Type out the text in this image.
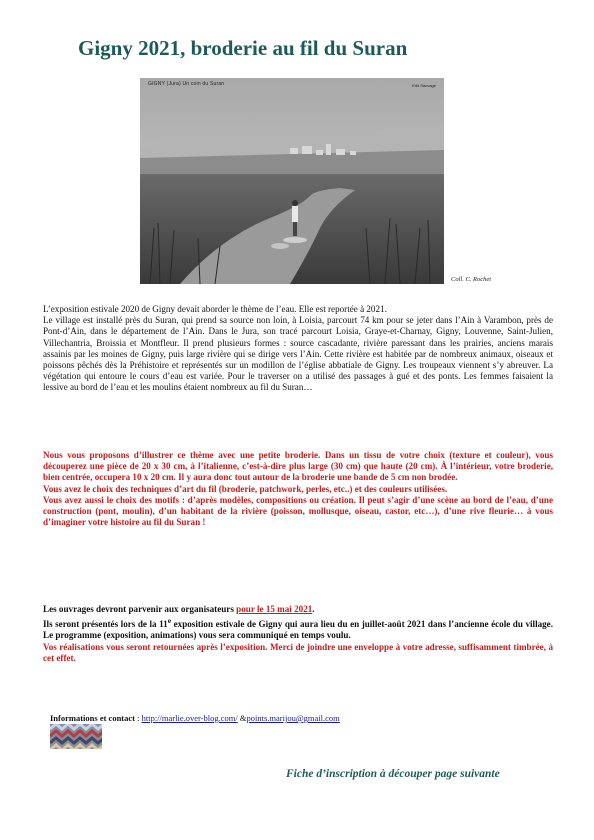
Gigny 2021, broderie au fil du Suran
GIGNY (Jura) Un coin du Suran	Edit Sauvage
Coll. C. Rochet

L’exposition estivale 2020 de Gigny devait aborder le thème de l’eau. Elle est reportée à 2021.

Le village est installé près du Suran, qui prend sa source non loin, à Loisia, parcourt 74 km pour se jeter dans l’Ain à Varambon, près de Pont-d’Ain, dans le département de l’Ain. Dans le Jura, son tracé parcourt Loisia, Graye-et-Charnay, Gigny, Louvenne, Saint-Julien, Villechantria, Broissia et Montfleur. Il prend plusieurs formes : source cascadante, rivière paressant dans les prairies, anciens marais assainis par les moines de Gigny, puis large rivière qui se dirige vers l’Ain. Cette rivière est habitée par de nombreux animaux, oiseaux et poissons pêchés dès la Préhistoire et représentés sur un modillon de l’église abbatiale de Gigny. Les troupeaux viennent s’y abreuver. La végétation qui entoure le cours d’eau est variée. Pour le traverser on a utilisé des passages à gué et des ponts. Les femmes faisaient la lessive au bord de l’eau et les moulins étaient nombreux au fil du Suran…

Nous vous proposons d’illustrer ce thème avec une petite broderie. Dans un tissu de votre choix (texture et couleur), vous découperez une pièce de 20 x 30 cm, à l’italienne, c’est-à-dire plus large (30 cm) que haute (20 cm). À l’intérieur, votre broderie, bien centrée, occupera 10 x 20 cm. Il y aura donc tout autour de la broderie une bande de 5 cm non brodée.

Vous avez le choix des techniques d’art du fil (broderie, patchwork, perles, etc..) et des couleurs utilisées.

Vous avez aussi le choix des motifs : d’après modèles, compositions ou création. Il peut s’agir d’une scène au bord de l’eau, d’une construction (pont, moulin), d’un habitant de la rivière (poisson, mollusque, oiseau, castor, etc…), d’une rive fleurie… à vous d’imaginer votre histoire au fil du Suran !

Les ouvrages devront parvenir aux organisateurs pour le 15 mai 2021.

Ils seront présentés lors de la 11e exposition estivale de Gigny qui aura lieu du en juillet-août 2021 dans l’ancienne école du village. Le programme (exposition, animations) vous sera communiqué en temps voulu.

Vos réalisations vous seront retournées après l’exposition. Merci de joindre une enveloppe à votre adresse, suffisamment timbrée, à cet effet.

Informations et contact : http://marlie.over-blog.com/ &points.marijou@gmail.com
Fiche d’inscription à découper page suivante
